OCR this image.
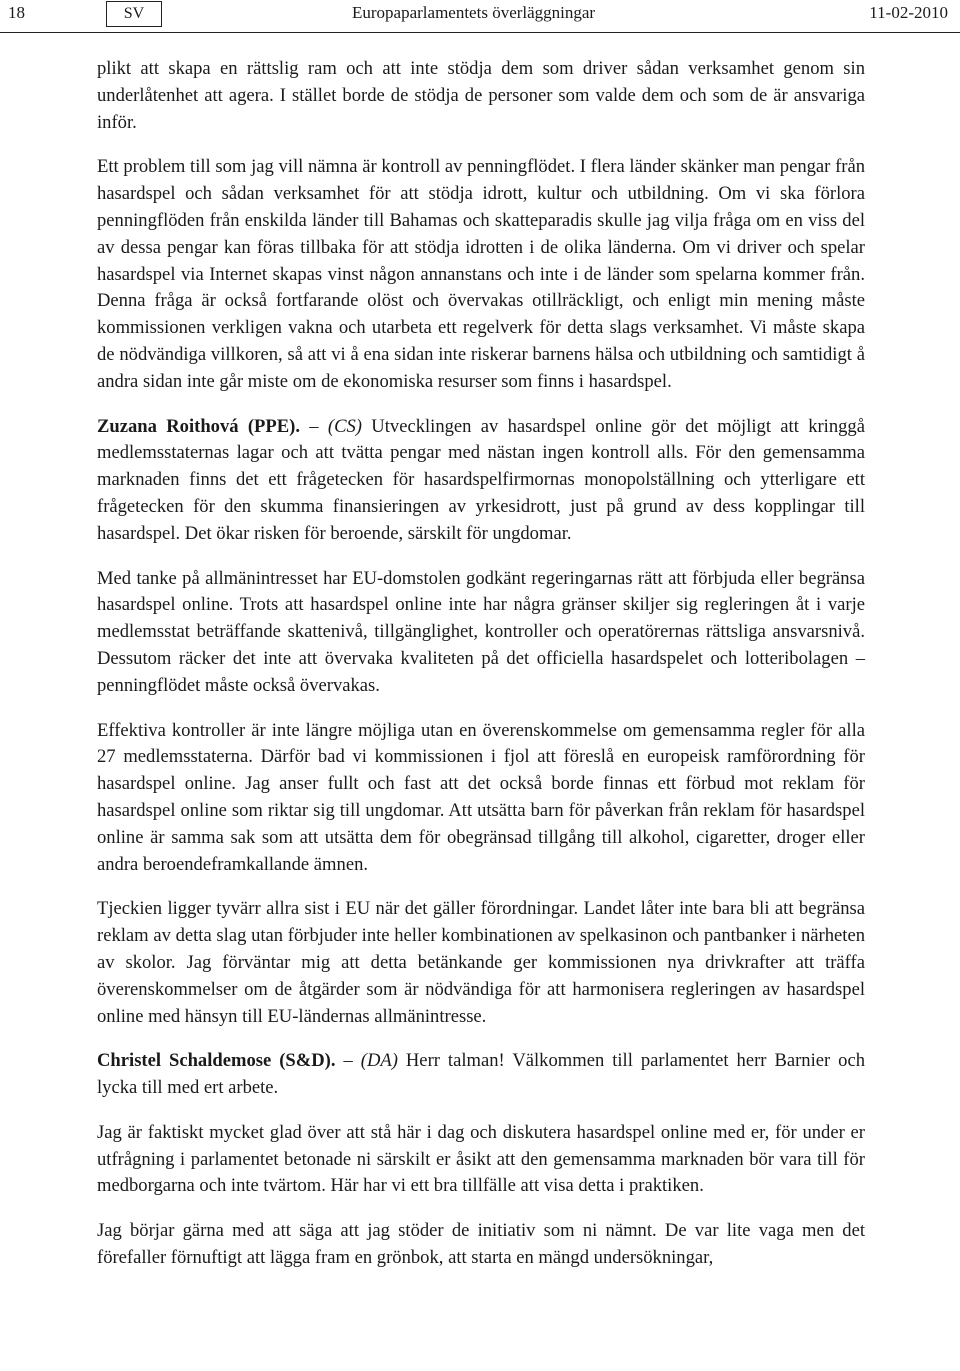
18	SV	Europaparlamentets överläggningar	11-02-2010

plikt att skapa en rättslig ram och att inte stödja dem som driver sådan verksamhet genom sin underlåtenhet att agera. I stället borde de stödja de personer som valde dem och som de är ansvariga inför.

Ett problem till som jag vill nämna är kontroll av penningflödet. I flera länder skänker man pengar från hasardspel och sådan verksamhet för att stödja idrott, kultur och utbildning. Om vi ska förlora penningflöden från enskilda länder till Bahamas och skatteparadis skulle jag vilja fråga om en viss del av dessa pengar kan föras tillbaka för att stödja idrotten i de olika länderna. Om vi driver och spelar hasardspel via Internet skapas vinst någon annanstans och inte i de länder som spelarna kommer från. Denna fråga är också fortfarande olöst och övervakas otillräckligt, och enligt min mening måste kommissionen verkligen vakna och utarbeta ett regelverk för detta slags verksamhet. Vi måste skapa de nödvändiga villkoren, så att vi å ena sidan inte riskerar barnens hälsa och utbildning och samtidigt å andra sidan inte går miste om de ekonomiska resurser som finns i hasardspel.

Zuzana Roithová (PPE). – (CS) Utvecklingen av hasardspel online gör det möjligt att kringgå medlemsstaternas lagar och att tvätta pengar med nästan ingen kontroll alls. För den gemensamma marknaden finns det ett frågetecken för hasardspelfirmornas monopolställning och ytterligare ett frågetecken för den skumma finansieringen av yrkesidrott, just på grund av dess kopplingar till hasardspel. Det ökar risken för beroende, särskilt för ungdomar.

Med tanke på allmänintresset har EU-domstolen godkänt regeringarnas rätt att förbjuda eller begränsa hasardspel online. Trots att hasardspel online inte har några gränser skiljer sig regleringen åt i varje medlemsstat beträffande skattenivå, tillgänglighet, kontroller och operatörernas rättsliga ansvarsnivå. Dessutom räcker det inte att övervaka kvaliteten på det officiella hasardspelet och lotteribolagen – penningflödet måste också övervakas.

Effektiva kontroller är inte längre möjliga utan en överenskommelse om gemensamma regler för alla 27 medlemsstaterna. Därför bad vi kommissionen i fjol att föreslå en europeisk ramförordning för hasardspel online. Jag anser fullt och fast att det också borde finnas ett förbud mot reklam för hasardspel online som riktar sig till ungdomar. Att utsätta barn för påverkan från reklam för hasardspel online är samma sak som att utsätta dem för obegränsad tillgång till alkohol, cigaretter, droger eller andra beroendeframkallande ämnen.

Tjeckien ligger tyvärr allra sist i EU när det gäller förordningar. Landet låter inte bara bli att begränsa reklam av detta slag utan förbjuder inte heller kombinationen av spelkasinon och pantbanker i närheten av skolor. Jag förväntar mig att detta betänkande ger kommissionen nya drivkrafter att träffa överenskommelser om de åtgärder som är nödvändiga för att harmonisera regleringen av hasardspel online med hänsyn till EU-ländernas allmänintresse.

Christel Schaldemose (S&D). – (DA) Herr talman! Välkommen till parlamentet herr Barnier och lycka till med ert arbete.

Jag är faktiskt mycket glad över att stå här i dag och diskutera hasardspel online med er, för under er utfrågning i parlamentet betonade ni särskilt er åsikt att den gemensamma marknaden bör vara till för medborgarna och inte tvärtom. Här har vi ett bra tillfälle att visa detta i praktiken.

Jag börjar gärna med att säga att jag stöder de initiativ som ni nämnt. De var lite vaga men det förefaller förnuftigt att lägga fram en grönbok, att starta en mängd undersökningar,
